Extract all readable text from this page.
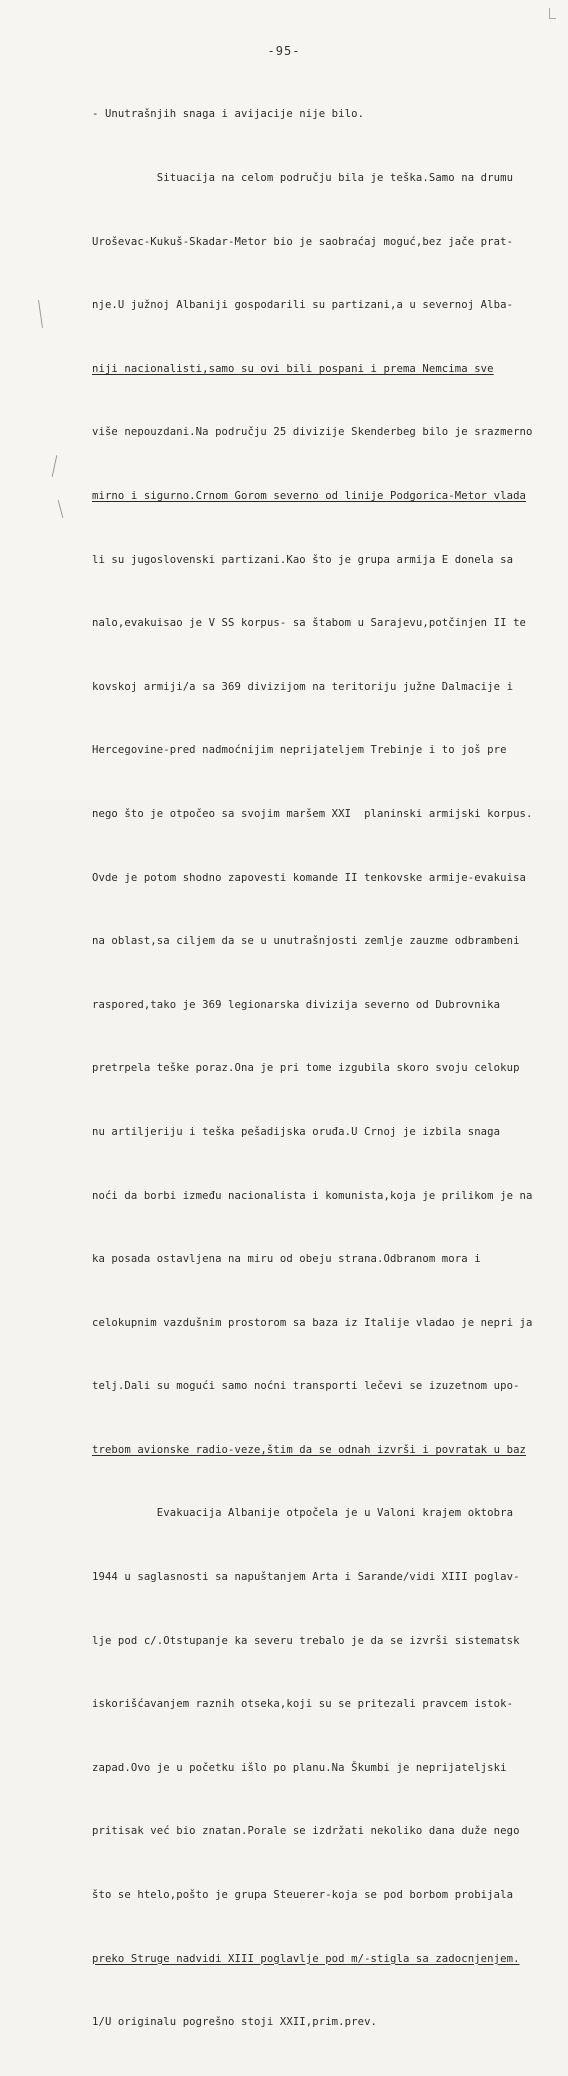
-95-

- Unutrašnjih snaga i avijacije nije bilo.

Situacija na celom području bila je teška.Samo na drumu

Uroševac-Kukuš-Skadar-Metor bio je saobraćaj moguć,bez jače prat-

nje.U južnoj Albaniji gospodarili su partizani,a u severnoj Alba-

niji nacionalisti,samo su ovi bili pospani i prema Nemcima sve

više nepouzdani.Na području 25 divizije Skenderbeg bilo je srazmerno

mirno i sigurno.Crnom Gorom severno od linije Podgorica-Metor vlada

li su jugoslovenski partizani.Kao što je grupa armija E donela sa

nalo,evakuisao je V SS korpus- sa štabom u Sarajevu,potčinjen II te

kovskoj armiji/a sa 369 divizijom na teritoriju južne Dalmacije i

Hercegovine-pred nadmoćnijim neprijateljem Trebinje i to još pre

nego što je otpočeo sa svojim maršem XXI  planinski armijski korpus.

Ovde je potom shodno zapovesti komande II tenkovske armije-evakuisa

na oblast,sa ciljem da se u unutrašnjosti zemlje zauzme odbrambeni

raspored,tako je 369 legionarska divizija severno od Dubrovnika

pretrpela teške poraz.Ona je pri tome izgubila skoro svoju celokup

nu artiljeriju i teška pešadijska oruđa.U Crnoj je izbila snaga

noći da borbi između nacionalista i komunista,koja je prilikom je na

ka posada ostavljena na miru od obeju strana.Odbranom mora i

celokupnim vazdušnim prostorom sa baza iz Italije vladao je nepri ja

telj.Dali su mogući samo noćni transporti lečevi se izuzetnom upo-

trebom avionske radio-veze,štim da se odnah izvrši i povratak u baz

Evakuacija Albanije otpočela je u Valoni krajem oktobra

1944 u saglasnosti sa napuštanjem Arta i Sarande/vidi XIII poglav-

lje pod c/.Otstupanje ka severu trebalo je da se izvrši sistematsk

iskorišćavanjem raznih otseka,koji su se pritezali pravcem istok-

zapad.Ovo je u početku išlo po planu.Na Škumbi je neprijateljski

pritisak već bio znatan.Porale se izdržati nekoliko dana duže nego

što se htelo,pošto je grupa Steuerer-koja se pod borbom probijala

preko Struge nadvidi XIII poglavlje pod m/-stigla sa zadocnjenjem.

1/U originalu pogrešno stoji XXII,prim.prev.
